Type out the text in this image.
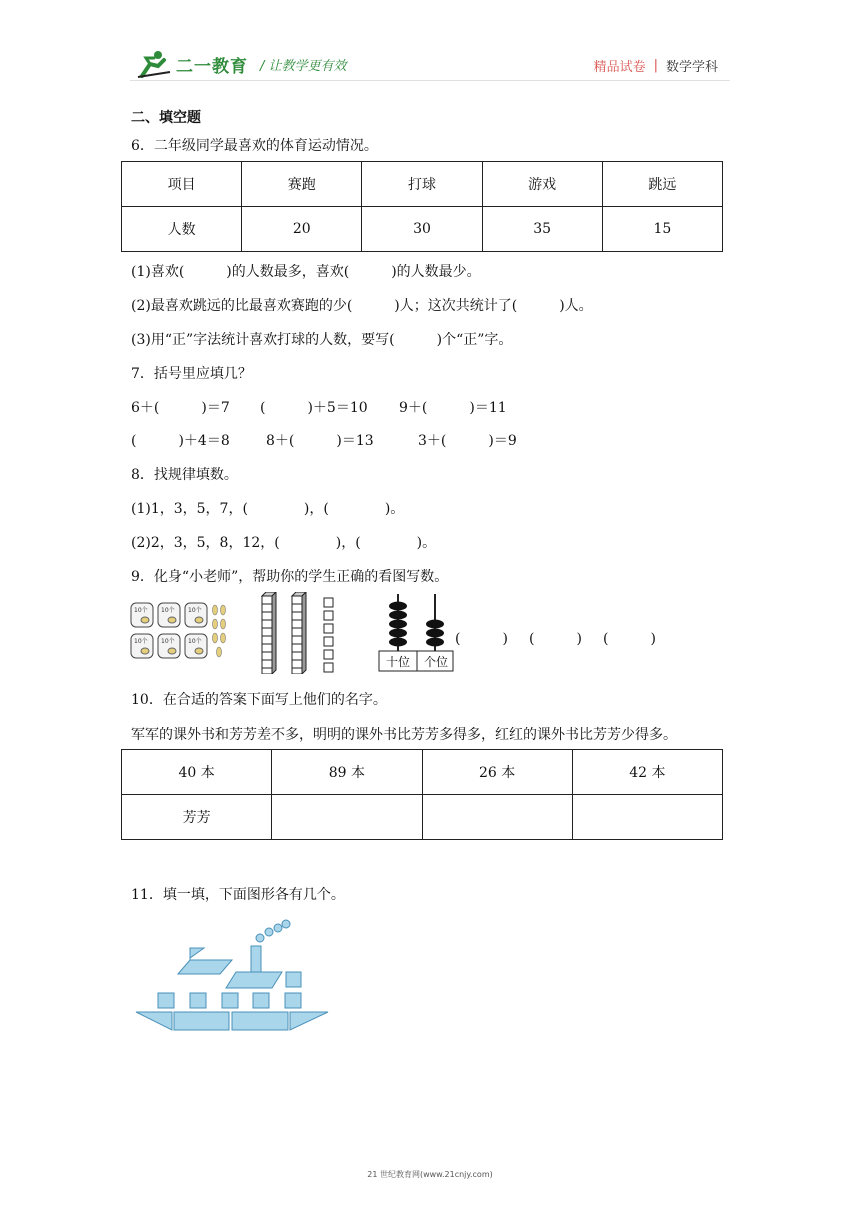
二一教育 / 让教学更有效	精品试卷 | 数学学科
二、填空题
6．二年级同学最喜欢的体育运动情况。
项目	赛跑	打球	游戏	跳远
人数	20	30	35	15
(1)喜欢(　　　)的人数最多，喜欢(　　　)的人数最少。
(2)最喜欢跳远的比最喜欢赛跑的少(　　　)人；这次共统计了(　　　)人。
(3)用“正”字法统计喜欢打球的人数，要写(　　　)个“正”字。
7．括号里应填几？
6＋(　　　)＝7 (　　　)＋5＝10 9＋(　　　)＝11
(　　　)＋4＝8	8＋(　　　)＝13	3＋(　　　)＝9
8．找规律填数。
(1)1，3，5，7，(　　　　)，(　　　　)。
(2)2，3，5，8，12，(　　　　)，(　　　　)。
9．化身“小老师”，帮助你的学生正确的看图写数。
10个 10个 10个
10个 10个 10个
十位	个位
(　　　) (　　　) (　　　)
10．在合适的答案下面写上他们的名字。
军军的课外书和芳芳差不多，明明的课外书比芳芳多得多，红红的课外书比芳芳少得多。
40 本	89 本	26 本	42 本
芳芳			
11．填一填，下面图形各有几个。
21 世纪教育网(www.21cnjy.com)
